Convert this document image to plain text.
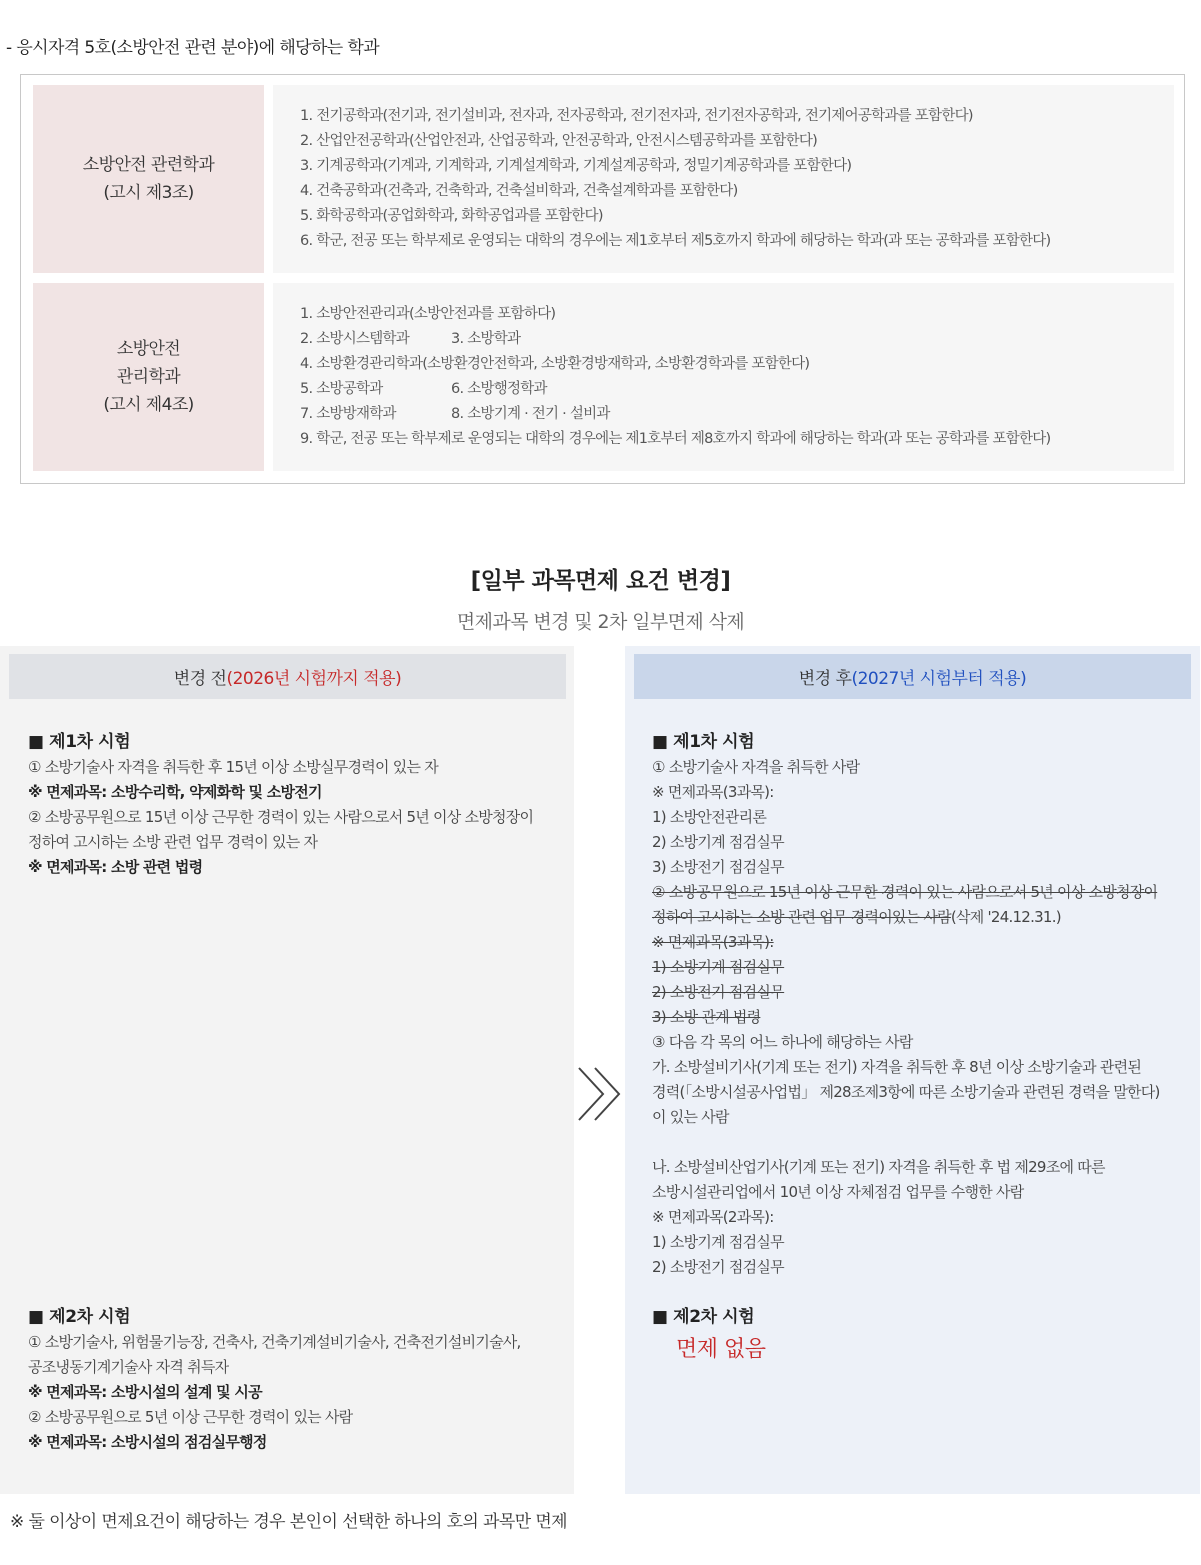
- 응시자격 5호(소방안전 관련 분야)에 해당하는 학과
소방안전 관련학과
(고시 제3조)
1. 전기공학과(전기과, 전기설비과, 전자과, 전자공학과, 전기전자과, 전기전자공학과, 전기제어공학과를 포함한다)
2. 산업안전공학과(산업안전과, 산업공학과, 안전공학과, 안전시스템공학과를 포함한다)
3. 기계공학과(기계과, 기계학과, 기계설계학과, 기계설계공학과, 정밀기계공학과를 포함한다)
4. 건축공학과(건축과, 건축학과, 건축설비학과, 건축설계학과를 포함한다)
5. 화학공학과(공업화학과, 화학공업과를 포함한다)
6. 학군, 전공 또는 학부제로 운영되는 대학의 경우에는 제1호부터 제5호까지 학과에 해당하는 학과(과 또는 공학과를 포함한다)
소방안전
관리학과
(고시 제4조)
1. 소방안전관리과(소방안전과를 포함하다)
2. 소방시스템학과	3. 소방학과
4. 소방환경관리학과(소방환경안전학과, 소방환경방재학과, 소방환경학과를 포함한다)
5. 소방공학과	6. 소방행정학과
7. 소방방재학과	8. 소방기계 · 전기 · 설비과
9. 학군, 전공 또는 학부제로 운영되는 대학의 경우에는 제1호부터 제8호까지 학과에 해당하는 학과(과 또는 공학과를 포함한다)
[일부 과목면제 요건 변경]
면제과목 변경 및 2차 일부면제 삭제
변경 전 (2026년 시험까지 적용)
■ 제1차 시험
① 소방기술사 자격을 취득한 후 15년 이상 소방실무경력이 있는 자
※ 면제과목: 소방수리학, 약제화학 및 소방전기
② 소방공무원으로 15년 이상 근무한 경력이 있는 사람으로서 5년 이상 소방청장이
정하여 고시하는 소방 관련 업무 경력이 있는 자
※ 면제과목: 소방 관련 법령
■ 제2차 시험
① 소방기술사, 위험물기능장, 건축사, 건축기계설비기술사, 건축전기설비기술사,
공조냉동기계기술사 자격 취득자
※ 면제과목: 소방시설의 설계 및 시공
② 소방공무원으로 5년 이상 근무한 경력이 있는 사람
※ 면제과목: 소방시설의 점검실무행정
변경 후 (2027년 시험부터 적용)
■ 제1차 시험
① 소방기술사 자격을 취득한 사람
※ 면제과목(3과목):
1) 소방안전관리론
2) 소방기계 점검실무
3) 소방전기 점검실무
② 소방공무원으로 15년 이상 근무한 경력이 있는 사람으로서 5년 이상 소방청장이
정하여 고시하는 소방 관련 업무 경력이있는 사람(삭제 '24.12.31.)
※ 면제과목(3과목):
1) 소방기계 점검실무
2) 소방전기 점검실무
3) 소방 관계 법령
③ 다음 각 목의 어느 하나에 해당하는 사람
가. 소방설비기사(기계 또는 전기) 자격을 취득한 후 8년 이상 소방기술과 관련된
경력(「소방시설공사업법」 제28조제3항에 따른 소방기술과 관련된 경력을 말한다)
이 있는 사람
나. 소방설비산업기사(기계 또는 전기) 자격을 취득한 후 법 제29조에 따른
소방시설관리업에서 10년 이상 자체점검 업무를 수행한 사람
※ 면제과목(2과목):
1) 소방기계 점검실무
2) 소방전기 점검실무
■ 제2차 시험
면제 없음
※ 둘 이상이 면제요건이 해당하는 경우 본인이 선택한 하나의 호의 과목만 면제
